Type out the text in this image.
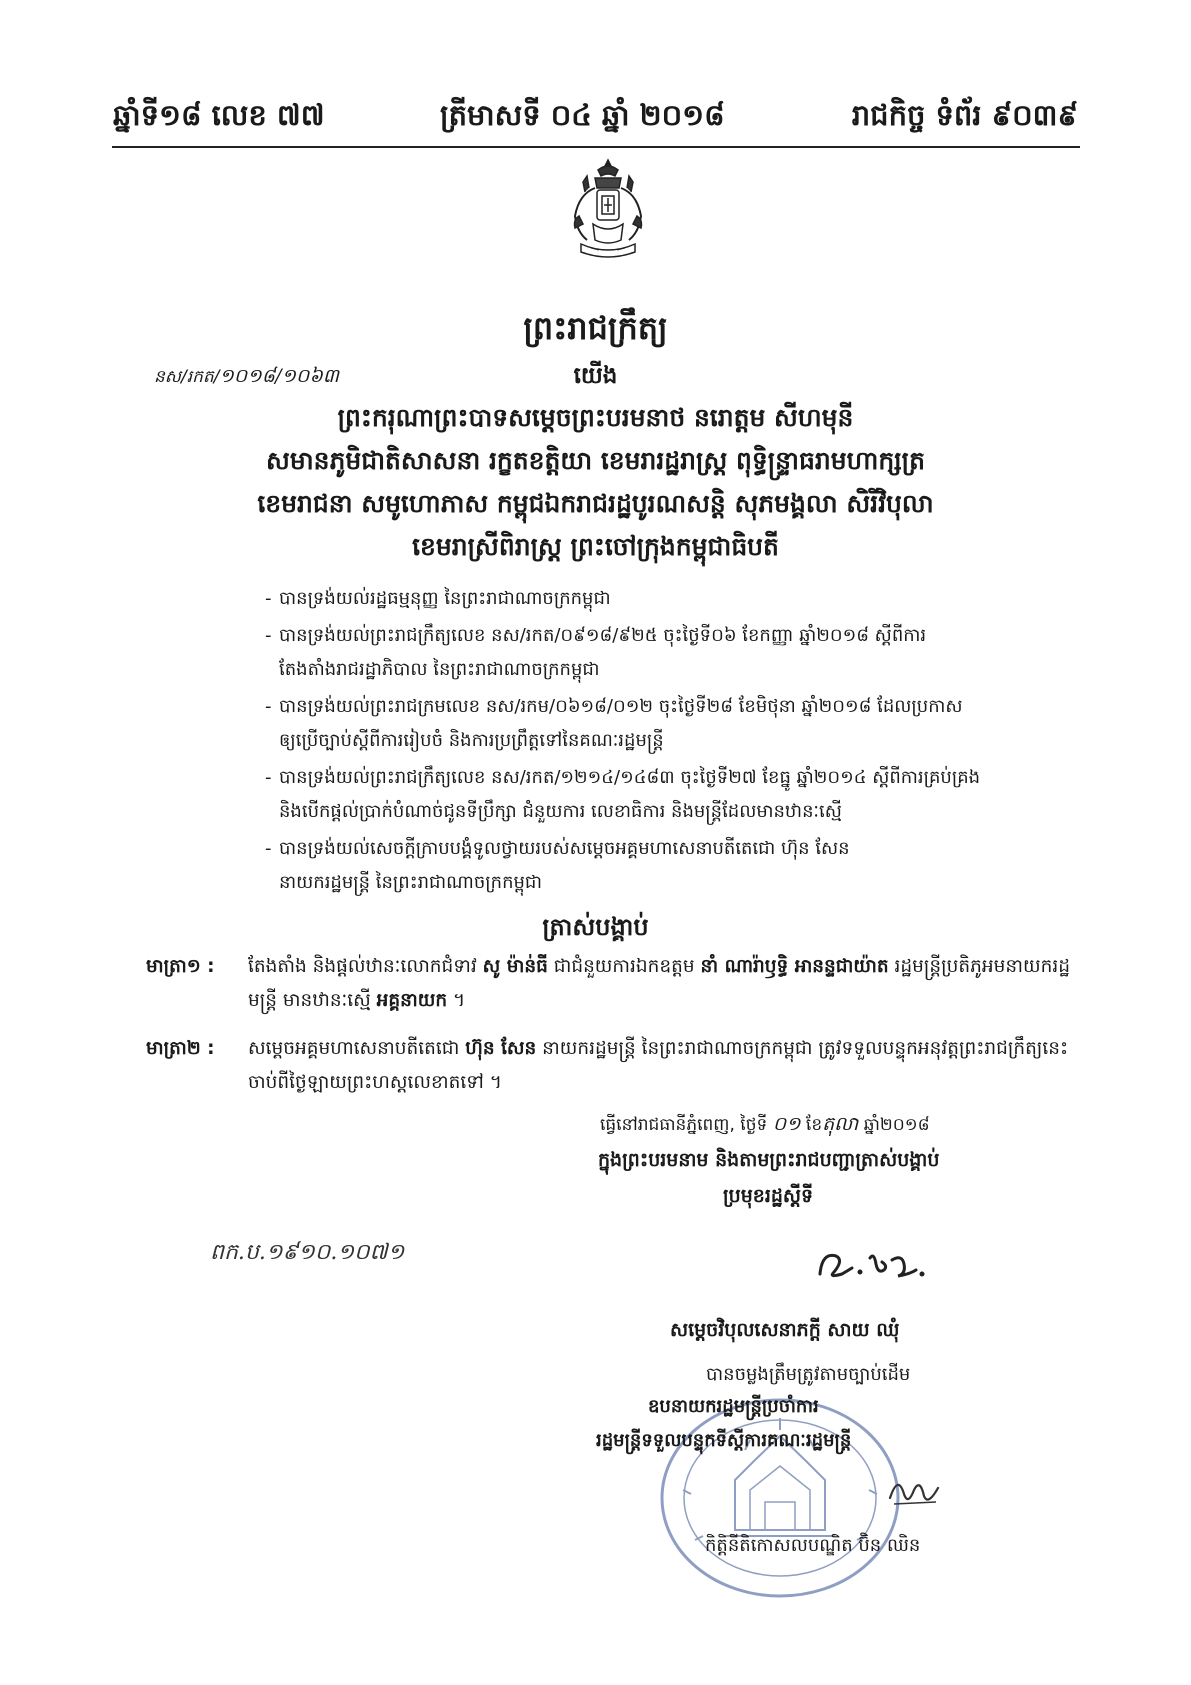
ឆ្នាំទី១៨ លេខ ៧៧	ត្រីមាសទី ០៤ ឆ្នាំ ២០១៨	រាជកិច្ច ទំព័រ ៩០៣៩
ព្រះរាជក្រឹត្យ
នស/រកត/១០១៨/១០៦៣	យើង
ព្រះករុណាព្រះបាទសម្តេចព្រះបរមនាថ នរោត្តម សីហមុនី
សមានភូមិជាតិសាសនា រក្ខតខត្តិយា ខេមរារដ្ឋរាស្ត្រ ពុទ្ធិន្ទ្រាធរាមហាក្សត្រ
ខេមរាជនា សមូហោភាស កម្ពុជឯករាជរដ្ឋបូរណសន្តិ សុភមង្គលា សិរីវិបុលា
ខេមរាស្រីពិរាស្ត្រ ព្រះចៅក្រុងកម្ពុជាធិបតី
- បានទ្រង់យល់រដ្ឋធម្មនុញ្ញ នៃព្រះរាជាណាចក្រកម្ពុជា
- បានទ្រង់យល់ព្រះរាជក្រឹត្យលេខ នស/រកត/០៩១៨/៩២៥ ចុះថ្ងៃទី០៦ ខែកញ្ញា ឆ្នាំ២០១៨ ស្តីពីការ
តែងតាំងរាជរដ្ឋាភិបាល នៃព្រះរាជាណាចក្រកម្ពុជា
- បានទ្រង់យល់ព្រះរាជក្រមលេខ នស/រកម/០៦១៨/០១២ ចុះថ្ងៃទី២៨ ខែមិថុនា ឆ្នាំ២០១៨ ដែលប្រកាស
ឲ្យប្រើច្បាប់ស្តីពីការរៀបចំ និងការប្រព្រឹត្តទៅនៃគណៈរដ្ឋមន្ត្រី
- បានទ្រង់យល់ព្រះរាជក្រឹត្យលេខ នស/រកត/១២១៤/១៤៨៣ ចុះថ្ងៃទី២៧ ខែធ្នូ ឆ្នាំ២០១៤ ស្តីពីការគ្រប់គ្រង
និងបើកផ្តល់ប្រាក់បំណាច់ជូនទីប្រឹក្សា ជំនួយការ លេខាធិការ និងមន្ត្រីដែលមានឋានៈស្មើ
- បានទ្រង់យល់សេចក្តីក្រាបបង្គំទូលថ្វាយរបស់សម្តេចអគ្គមហាសេនាបតីតេជោ ហ៊ុន សែន
នាយករដ្ឋមន្ត្រី នៃព្រះរាជាណាចក្រកម្ពុជា
ត្រាស់បង្គាប់
មាត្រា១ : តែងតាំង និងផ្តល់ឋានៈលោកជំទាវ សូ ម៉ាន់ធី ជាជំនួយការឯកឧត្តម នាំ ណារ៉ាឫទ្ធិ អានន្ទជាយ៉ាត រដ្ឋមន្ត្រីប្រតិភូអមនាយករដ្ឋមន្ត្រី មានឋានៈស្មើ អគ្គនាយក ។
មាត្រា២ : សម្តេចអគ្គមហាសេនាបតីតេជោ ហ៊ុន សែន នាយករដ្ឋមន្ត្រី នៃព្រះរាជាណាចក្រកម្ពុជា ត្រូវទទួលបន្ទុកអនុវត្តព្រះរាជក្រឹត្យនេះ ចាប់ពីថ្ងៃឡាយព្រះហស្តលេខាតទៅ ។
ធ្វើនៅរាជធានីភ្នំពេញ, ថ្ងៃទី ០១ ខែតុលា ឆ្នាំ២០១៨
ក្នុងព្រះបរមនាម និងតាមព្រះរាជបញ្ជាត្រាស់បង្គាប់
ប្រមុខរដ្ឋស្តីទី
ពក.ប.១៩១០.១០៧១
សម្តេចវិបុលសេនាភក្តី សាយ ឈុំ
បានចម្លងត្រឹមត្រូវតាមច្បាប់ដើម
ឧបនាយករដ្ឋមន្ត្រីប្រចាំការ
រដ្ឋមន្ត្រីទទួលបន្ទុកទីស្តីការគណៈរដ្ឋមន្ត្រី
កិត្តិនីតិកោសលបណ្ឌិត ប៊ិន ឈិន
